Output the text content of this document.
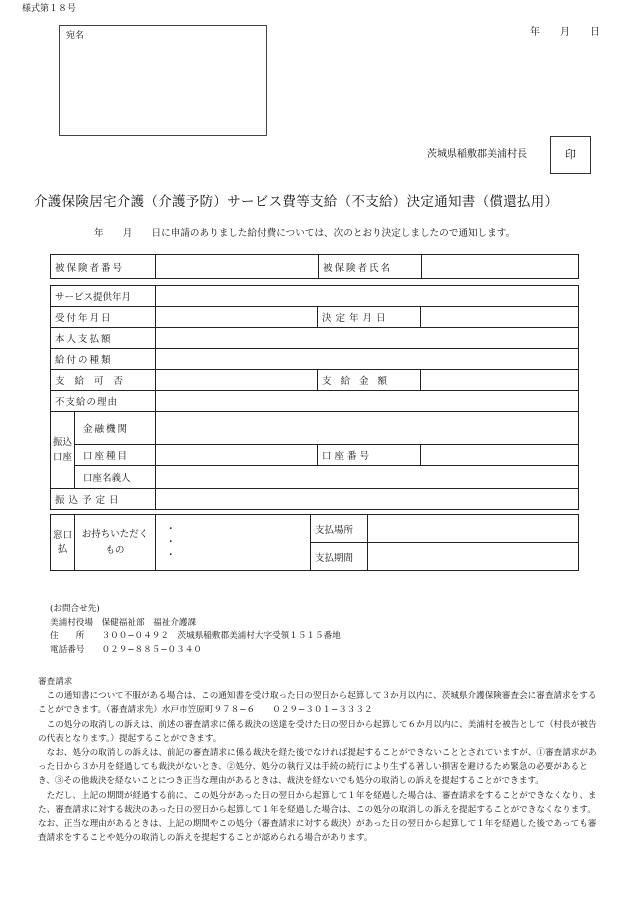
様式第１８号
年　　月　　日
宛名
茨城県稲敷郡美浦村長	印
介護保険居宅介護（介護予防）サービス費等支給（不支給）決定通知書（償還払用）
年　　月　　日に申請のありました給付費については、次のとおり決定しましたので通知します。
被保険者番号		被保険者氏名	
サービス提供年月				
受付年月日			決定年月日	
本人支払額				
給付の種類				
支給可否			支給金額	
不支給の理由				
振込口座	金融機関			
	口座種目		口座番号	
	口座名義人			
振込予定日				
窓口払	お持ちいただくもの	・
・
・	支払場所	
			支払期間	
(お問合せ先)
美浦村役場　保健福祉部　福祉介護課
住　　所　　３００−０４９２　茨城県稲敷郡美浦村大字受領１５１５番地
電話番号　　０２９−８８５−０３４０

審査請求

この通知書について不服がある場合は、この通知書を受け取った日の翌日から起算して３か月以内に、茨城県介護保険審査会に審査請求をすることができます。（審査請求先）水戸市笠原町９７８−６　　０２９−３０１−３３３２

この処分の取消しの訴えは、前述の審査請求に係る裁決の送達を受けた日の翌日から起算して６か月以内に、美浦村を被告として（村長が被告の代表となります。）提起することができます。

なお、処分の取消しの訴えは、前記の審査請求に係る裁決を経た後でなければ提起することができないこととされていますが、①審査請求があった日から３か月を経過しても裁決がないとき、②処分、処分の執行又は手続の続行により生ずる著しい損害を避けるため緊急の必要があるとき、③その他裁決を経ないことにつき正当な理由があるときは、裁決を経ないでも処分の取消しの訴えを提起することができます。

ただし、上記の期間が経過する前に、この処分があった日の翌日から起算して１年を経過した場合は、審査請求をすることができなくなり、また、審査請求に対する裁決のあった日の翌日から起算して１年を経過した場合は、この処分の取消しの訴えを提起することができなくなります。なお、正当な理由があるときは、上記の期間やこの処分（審査請求に対する裁決）があった日の翌日から起算して１年を経過した後であっても審査請求をすることや処分の取消しの訴えを提起することが認められる場合があります。
